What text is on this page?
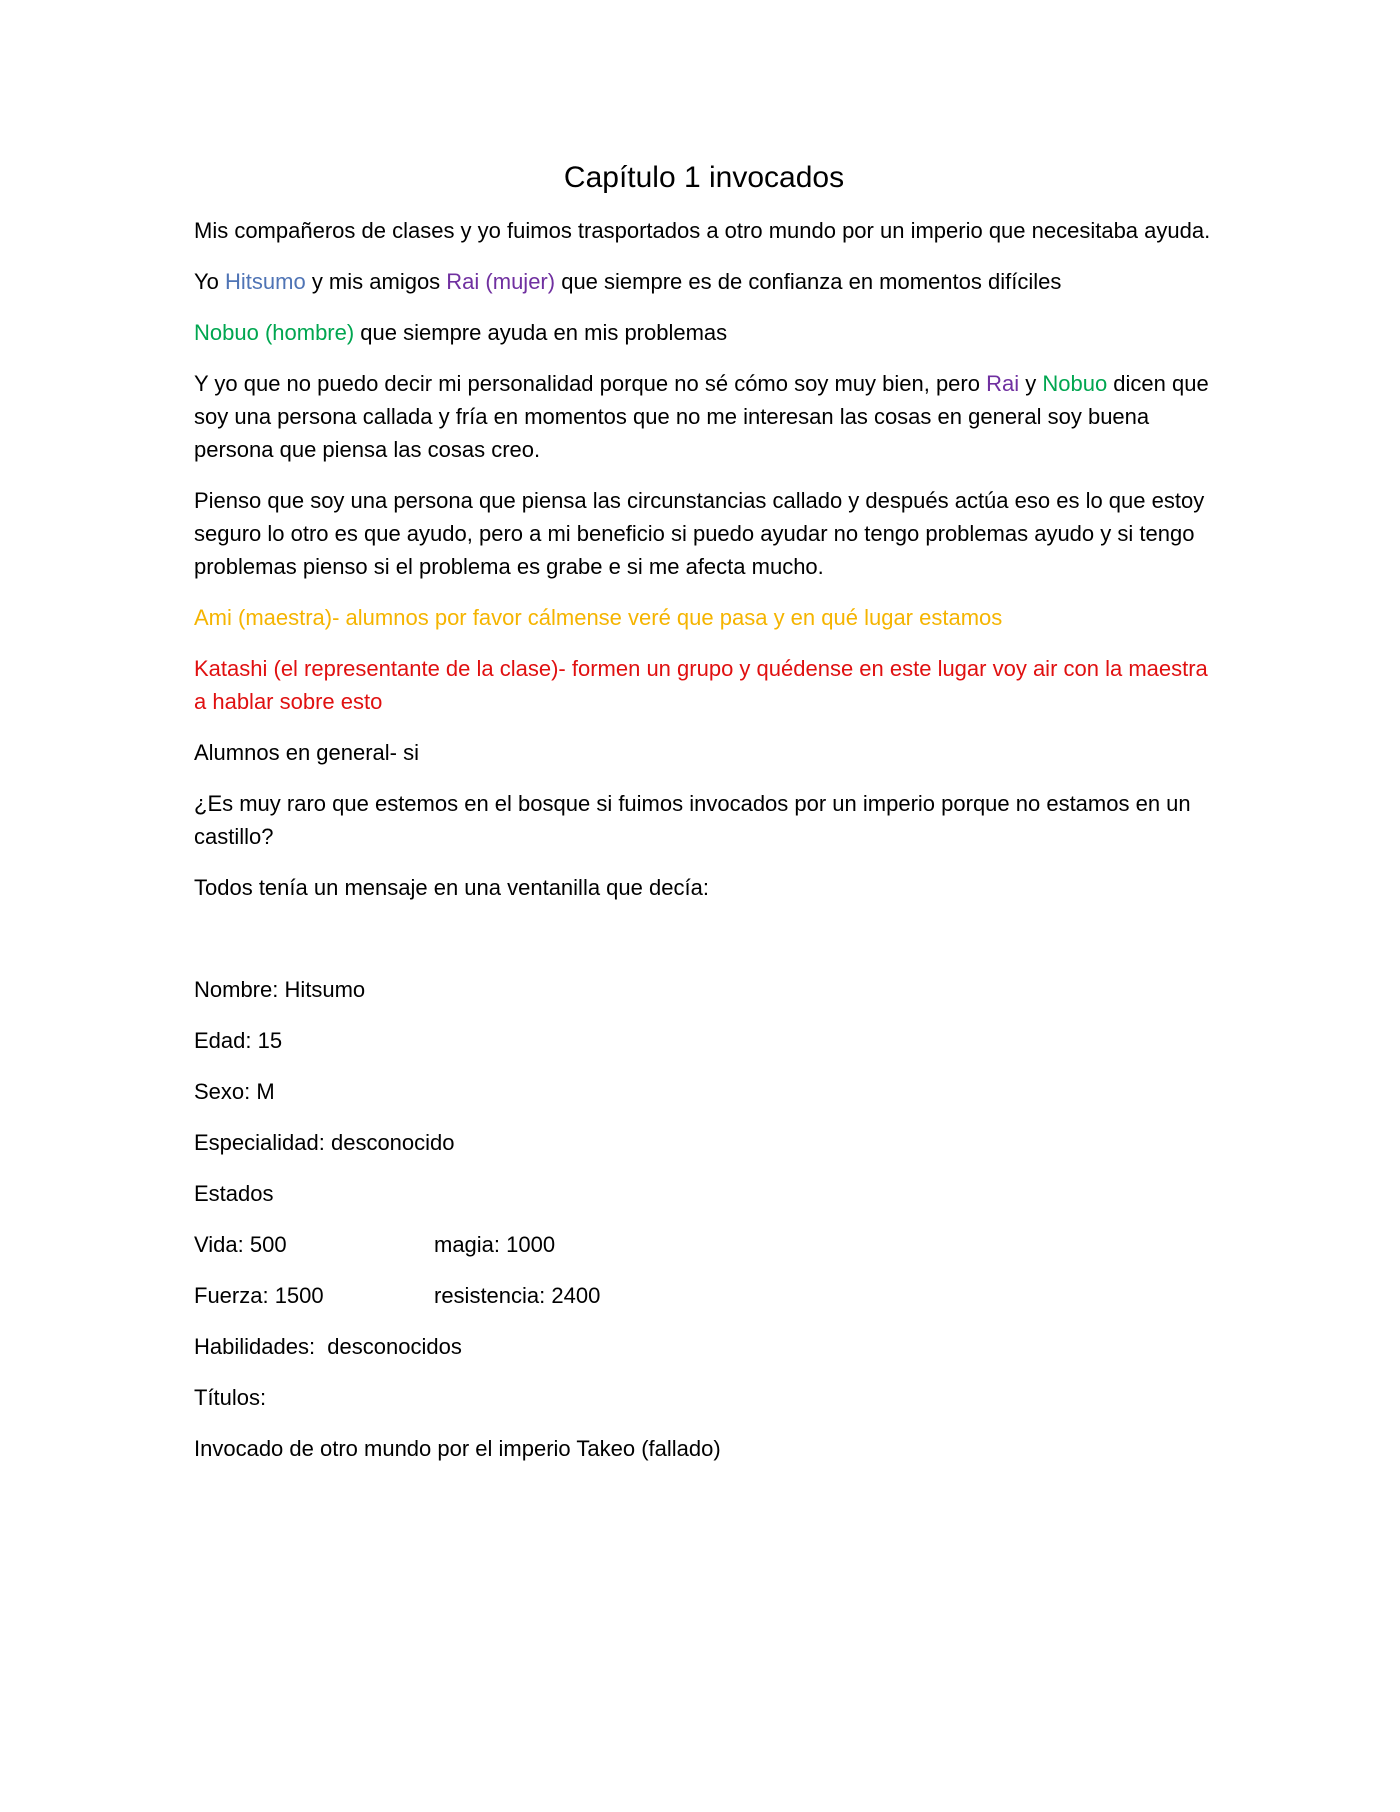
Capítulo 1 invocados

Mis compañeros de clases y yo fuimos trasportados a otro mundo por un imperio que necesitaba ayuda.

Yo Hitsumo y mis amigos Rai (mujer) que siempre es de confianza en momentos difíciles

Nobuo (hombre) que siempre ayuda en mis problemas

Y yo que no puedo decir mi personalidad porque no sé cómo soy muy bien, pero Rai y Nobuo dicen que soy una persona callada y fría en momentos que no me interesan las cosas en general soy buena persona que piensa las cosas creo.

Pienso que soy una persona que piensa las circunstancias callado y después actúa eso es lo que estoy seguro lo otro es que ayudo, pero a mi beneficio si puedo ayudar no tengo problemas ayudo y si tengo problemas pienso si el problema es grabe e si me afecta mucho.

Ami (maestra)- alumnos por favor cálmense veré que pasa y en qué lugar estamos

Katashi (el representante de la clase)- formen un grupo y quédense en este lugar voy air con la maestra a hablar sobre esto

Alumnos en general- si

¿Es muy raro que estemos en el bosque si fuimos invocados por un imperio porque no estamos en un castillo?

Todos tenía un mensaje en una ventanilla que decía:

Nombre: Hitsumo

Edad: 15

Sexo: M

Especialidad: desconocido

Estados

Vida: 500	magia: 1000

Fuerza: 1500	resistencia: 2400

Habilidades:  desconocidos

Títulos:

Invocado de otro mundo por el imperio Takeo (fallado)
